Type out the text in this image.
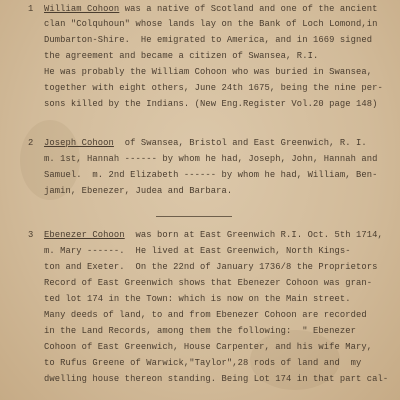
1 William Cohoon was a native of Scotland and one of the ancient
clan "Colquhoun" whose lands lay on the Bank of Loch Lomond,in
Dumbarton-Shire.  He emigrated to America, and in 1669 signed
the agreement and became a citizen of Swansea, R.I.
He was probably the William Cohoon who was buried in Swansea,
together with eight others, June 24th 1675, being the nine per-
sons killed by the Indians. (New Eng.Register Vol.20 page 148)
2 Joseph Cohoon  of Swansea, Bristol and East Greenwich, R. I.
m. 1st, Hannah ------ by whom he had, Joseph, John, Hannah and
Samuel.  m. 2nd Elizabeth ------ by whom he had, William, Ben-
jamin, Ebenezer, Judea and Barbara.
3 Ebenezer Cohoon  was born at East Greenwich R.I. Oct. 5th 1714,
m. Mary ------.  He lived at East Greenwich, North Kings-
ton and Exeter.  On the 22nd of January 1736/8 the Proprietors
Record of East Greenwich shows that Ebenezer Cohoon was gran-
ted lot 174 in the Town: which is now on the Main street.
Many deeds of land, to and from Ebenezer Cohoon are recorded
in the Land Records, among them the following:  " Ebenezer
Cohoon of East Greenwich, House Carpenter, and his wife Mary,
to Rufus Greene of Warwick,"Taylor",28 rods of land and  my
dwelling house thereon standing. Being Lot 174 in that part cal-
